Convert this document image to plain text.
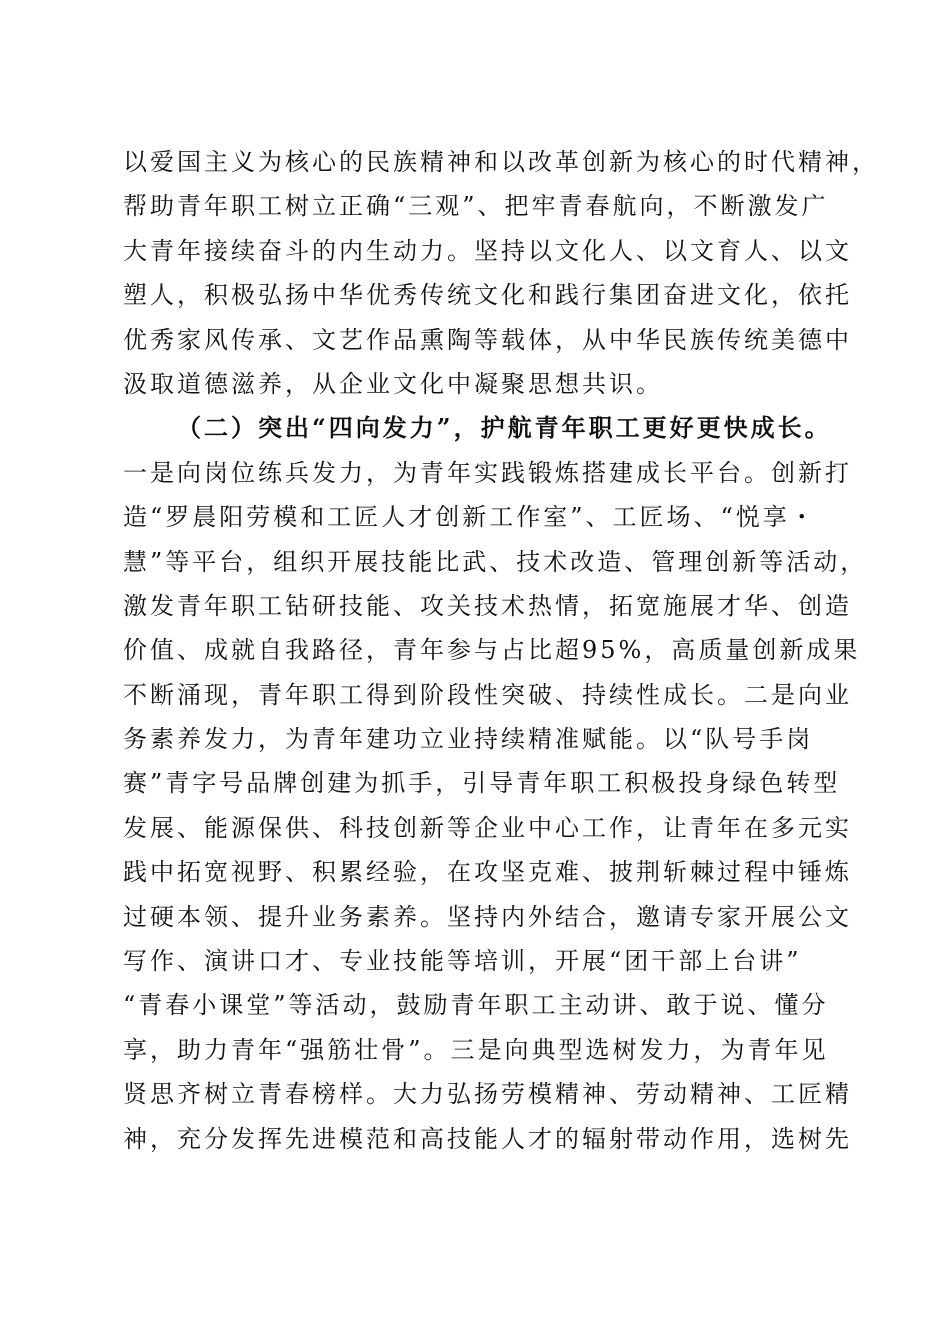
以爱国主义为核心的民族精神和以改革创新为核心的时代精神，
帮助青年职工树立正确“三观”、把牢青春航向，不断激发广
大青年接续奋斗的内生动力。坚持以文化人、以文育人、以文
塑人，积极弘扬中华优秀传统文化和践行集团奋进文化，依托
优秀家风传承、文艺作品熏陶等载体，从中华民族传统美德中
汲取道德滋养，从企业文化中凝聚思想共识。
（二）突出“四向发力”，护航青年职工更好更快成长。
一是向岗位练兵发力，为青年实践锻炼搭建成长平台。创新打
造“罗晨阳劳模和工匠人才创新工作室”、工匠场、“悦享・
慧”等平台，组织开展技能比武、技术改造、管理创新等活动，
激发青年职工钻研技能、攻关技术热情，拓宽施展才华、创造
价值、成就自我路径，青年参与占比超95%，高质量创新成果
不断涌现，青年职工得到阶段性突破、持续性成长。二是向业
务素养发力，为青年建功立业持续精准赋能。以“队号手岗
赛”青字号品牌创建为抓手，引导青年职工积极投身绿色转型
发展、能源保供、科技创新等企业中心工作，让青年在多元实
践中拓宽视野、积累经验，在攻坚克难、披荆斩棘过程中锤炼
过硬本领、提升业务素养。坚持内外结合，邀请专家开展公文
写作、演讲口才、专业技能等培训，开展“团干部上台讲”
“青春小课堂”等活动，鼓励青年职工主动讲、敢于说、懂分
享，助力青年“强筋壮骨”。三是向典型选树发力，为青年见
贤思齐树立青春榜样。大力弘扬劳模精神、劳动精神、工匠精
神，充分发挥先进模范和高技能人才的辐射带动作用，选树先
